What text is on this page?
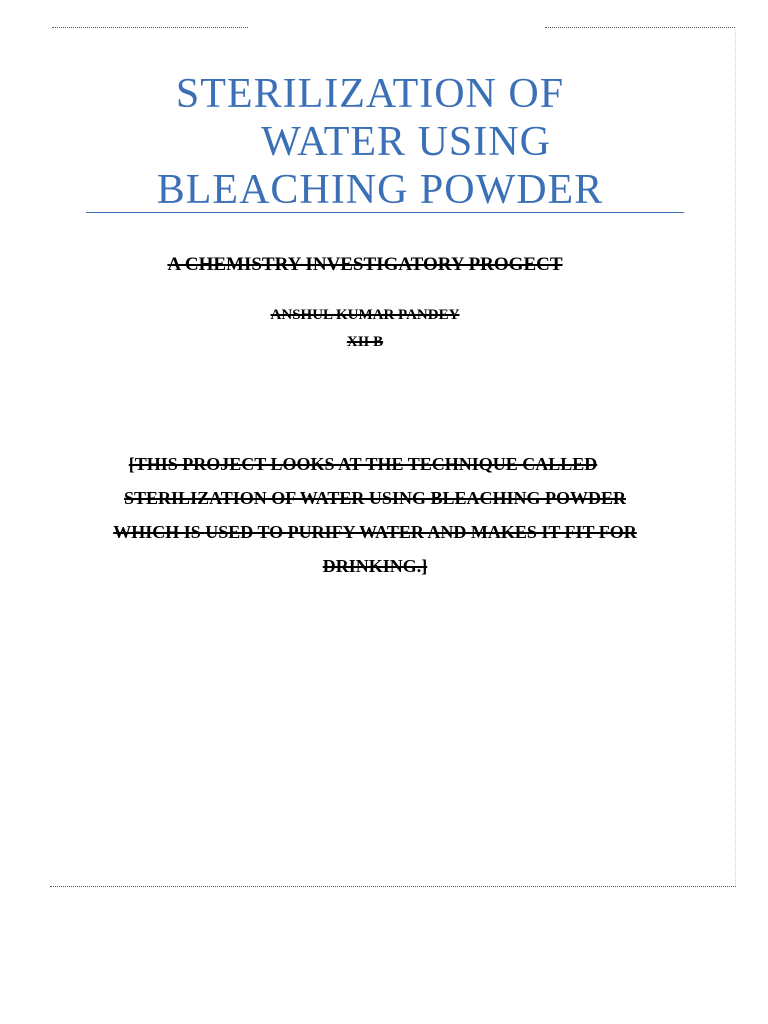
STERILIZATION OF
WATER USING
BLEACHING POWDER
A CHEMISTRY INVESTIGATORY PROGECT
ANSHUL KUMAR PANDEY
XII B
[THIS PROJECT LOOKS AT THE TECHNIQUE CALLED
STERILIZATION OF WATER USING BLEACHING POWDER
WHICH IS USED TO PURIFY WATER AND MAKES IT FIT FOR
DRINKING.]
